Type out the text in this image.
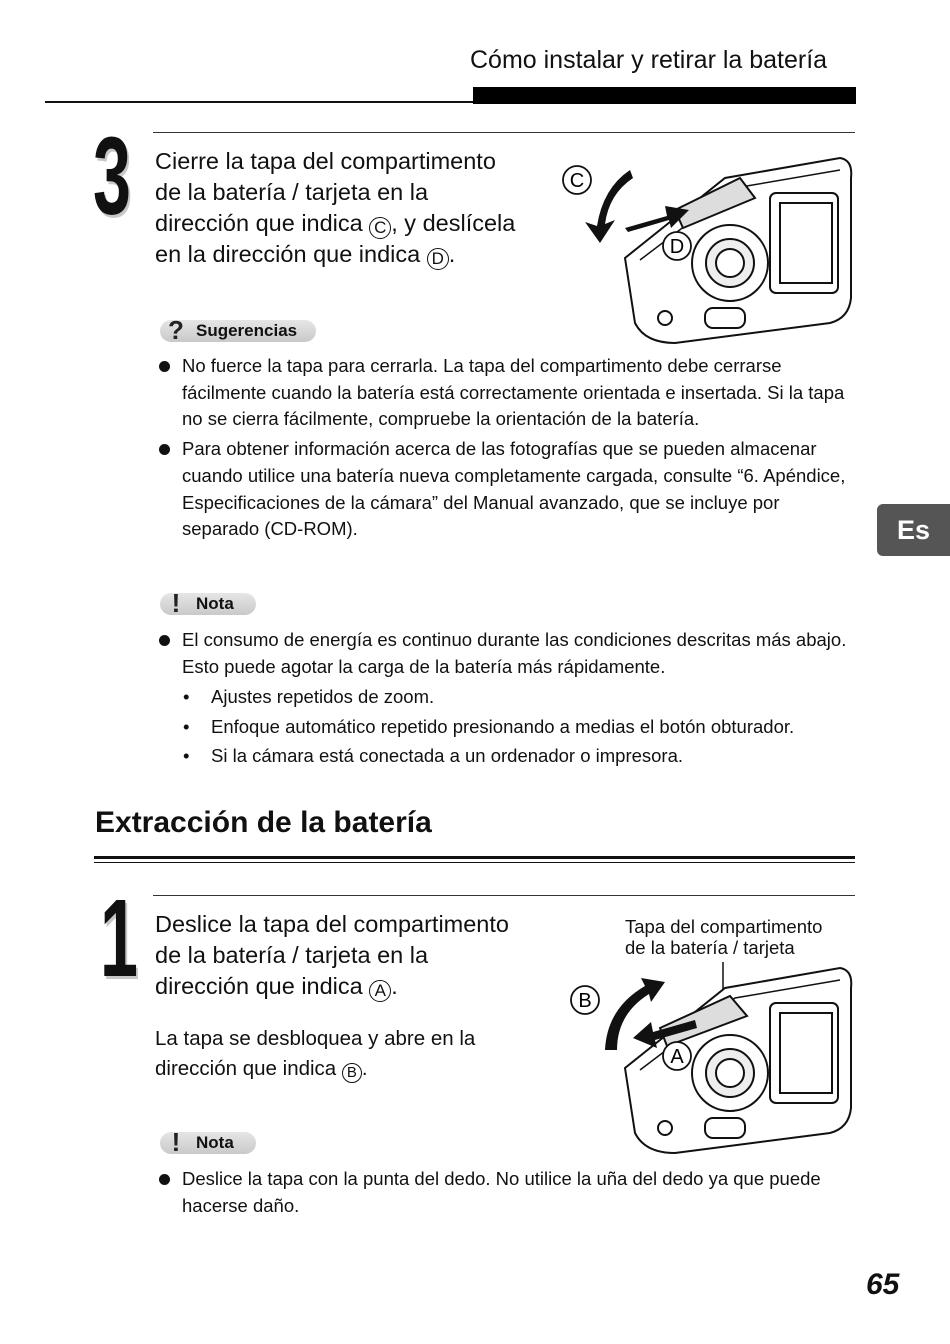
Cómo instalar y retirar la batería
3 Cierre la tapa del compartimento
de la batería / tarjeta en la
dirección que indica C , y deslícela
en la dirección que indica D .
C
D
? Sugerencias
No fuerce la tapa para cerrarla. La tapa del compartimento debe cerrarse fácilmente cuando la batería está correctamente orientada e insertada. Si la tapa no se cierra fácilmente, compruebe la orientación de la batería.
Para obtener información acerca de las fotografías que se pueden almacenar cuando utilice una batería nueva completamente cargada, consulte “6. Apéndice, Especificaciones de la cámara” del Manual avanzado, que se incluye por separado (CD-ROM).	Es
! Nota
El consumo de energía es continuo durante las condiciones descritas más abajo. Esto puede agotar la carga de la batería más rápidamente.
• Ajustes repetidos de zoom.
• Enfoque automático repetido presionando a medias el botón obturador.
• Si la cámara está conectada a un ordenador o impresora.
Extracción de la batería
1 Deslice la tapa del compartimento
de la batería / tarjeta en la
dirección que indica A .
La tapa se desbloquea y abre en la
dirección que indica B .
Tapa del compartimento
de la batería / tarjeta
B
A
! Nota
Deslice la tapa con la punta del dedo. No utilice la uña del dedo ya que puede hacerse daño.
65
